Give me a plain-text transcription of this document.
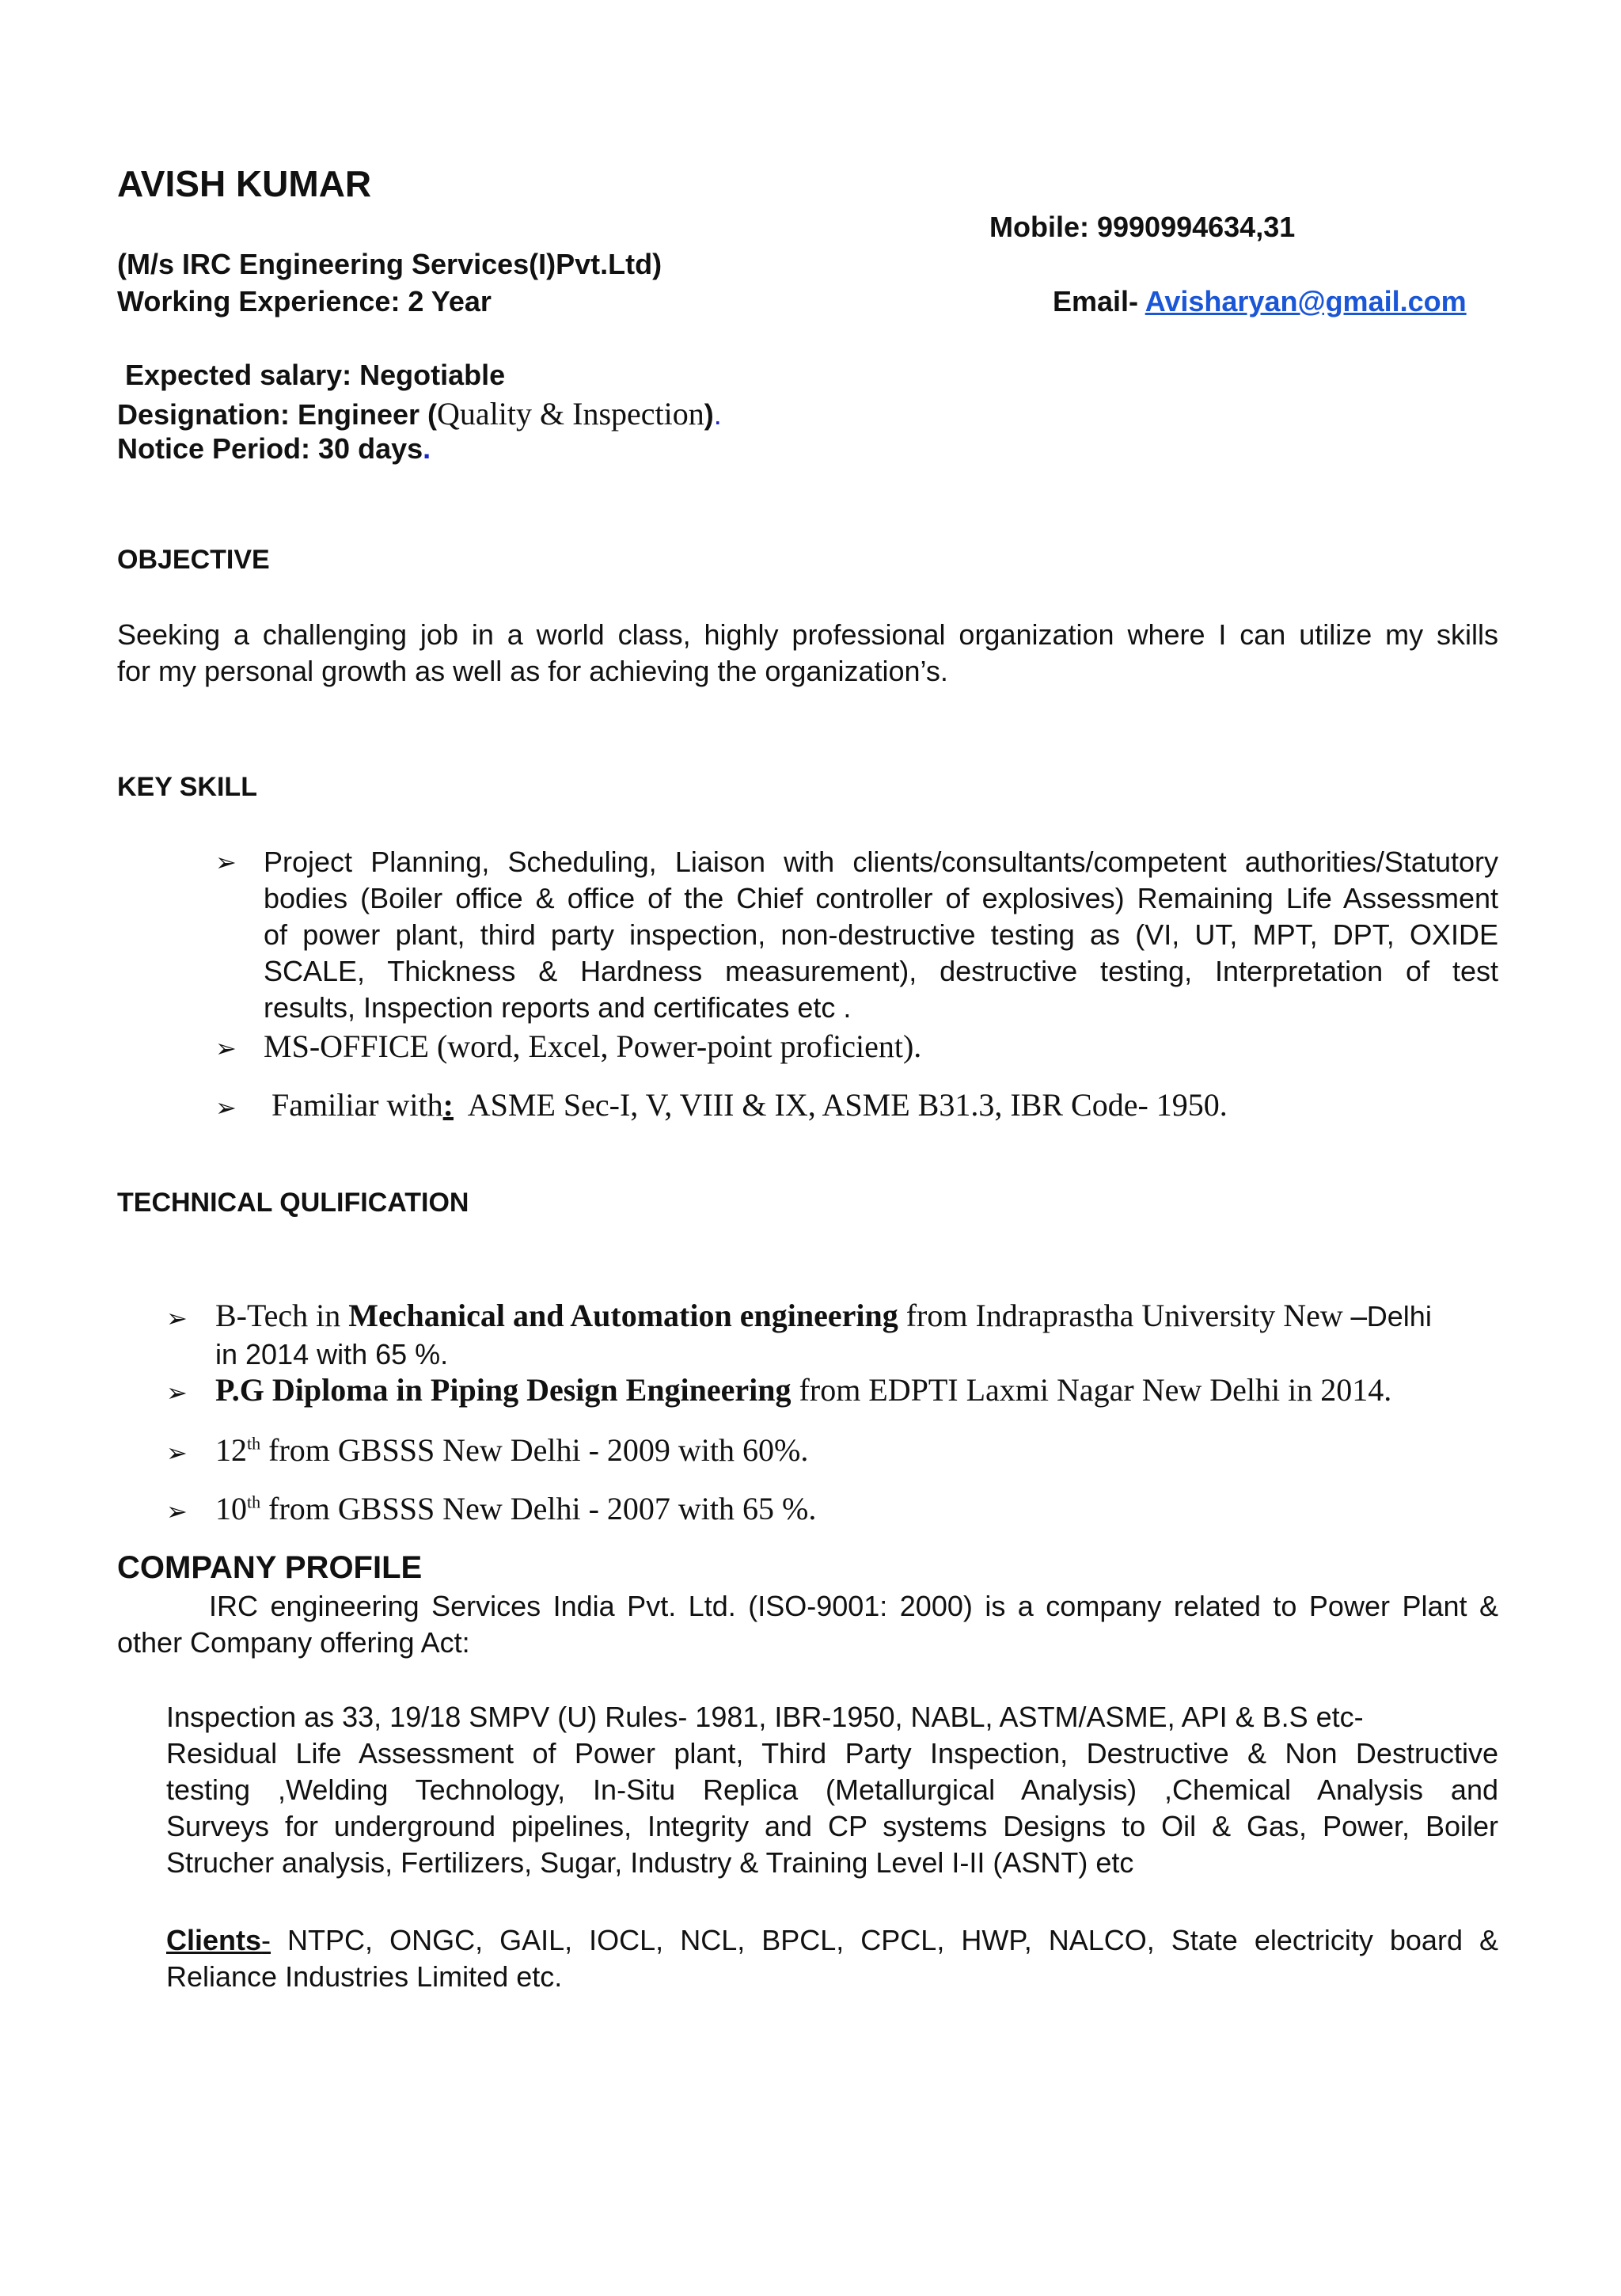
AVISH KUMAR
Mobile: 9990994634,31
(M/s IRC Engineering Services(I)Pvt.Ltd)
Working Experience: 2 Year	Email- Avisharyan@gmail.com
Expected salary: Negotiable
Designation: Engineer (Quality & Inspection).
Notice Period: 30 days.
OBJECTIVE
Seeking a challenging job in a world class, highly professional organization where I can utilize my skills
for my personal growth as well as for achieving the organization’s.
KEY SKILL
➢ Project Planning, Scheduling, Liaison with clients/consultants/competent authorities/Statutory
bodies (Boiler office & office of the Chief controller of explosives) Remaining Life Assessment
of power plant, third party inspection, non-destructive testing as (VI, UT, MPT, DPT, OXIDE
SCALE, Thickness & Hardness measurement), destructive testing, Interpretation of test
results, Inspection reports and certificates etc .
➢ MS-OFFICE (word, Excel, Power-point proficient).
➢ Familiar with:  ASME Sec-I, V, VIII & IX, ASME B31.3, IBR Code- 1950.
TECHNICAL QULIFICATION
➢ B-Tech in Mechanical and Automation engineering from Indraprastha University New –Delhi
in 2014 with 65 %.
➢ P.G Diploma in Piping Design Engineering from EDPTI Laxmi Nagar New Delhi in 2014.
➢ 12th from GBSSS New Delhi - 2009 with 60%.
➢ 10th from GBSSS New Delhi - 2007 with 65 %.
COMPANY PROFILE
IRC engineering Services India Pvt. Ltd. (ISO-9001: 2000) is a company related to Power Plant &
other Company offering Act:
Inspection as 33, 19/18 SMPV (U) Rules- 1981, IBR-1950, NABL, ASTM/ASME, API & B.S etc-
Residual Life Assessment of Power plant, Third Party Inspection, Destructive & Non Destructive
testing ,Welding Technology, In-Situ Replica (Metallurgical Analysis) ,Chemical Analysis and
Surveys for underground pipelines, Integrity and CP systems Designs to Oil & Gas, Power, Boiler
Strucher analysis, Fertilizers, Sugar, Industry & Training Level I-II (ASNT) etc
Clients- NTPC, ONGC, GAIL, IOCL, NCL, BPCL, CPCL, HWP, NALCO, State electricity board &
Reliance Industries Limited etc.
